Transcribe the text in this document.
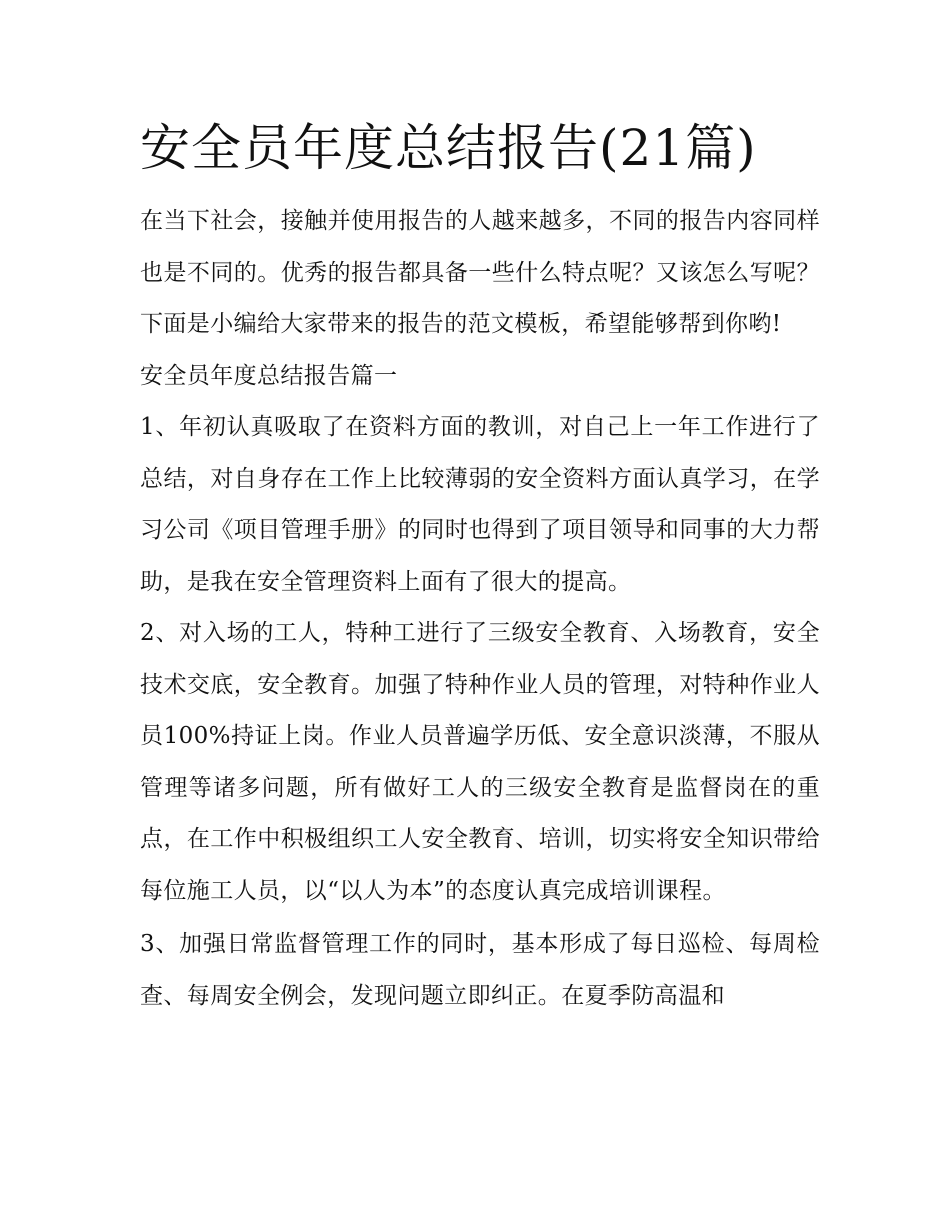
安全员年度总结报告(21篇)

在当下社会，接触并使用报告的人越来越多，不同的报告内容同样也是不同的。优秀的报告都具备一些什么特点呢？又该怎么写呢？下面是小编给大家带来的报告的范文模板，希望能够帮到你哟!

安全员年度总结报告篇一

1、年初认真吸取了在资料方面的教训，对自己上一年工作进行了总结，对自身存在工作上比较薄弱的安全资料方面认真学习，在学习公司《项目管理手册》的同时也得到了项目领导和同事的大力帮助，是我在安全管理资料上面有了很大的提高。

2、对入场的工人，特种工进行了三级安全教育、入场教育，安全技术交底，安全教育。加强了特种作业人员的管理，对特种作业人员100%持证上岗。作业人员普遍学历低、安全意识淡薄，不服从管理等诸多问题，所有做好工人的三级安全教育是监督岗在的重点，在工作中积极组织工人安全教育、培训，切实将安全知识带给每位施工人员，以“以人为本”的态度认真完成培训课程。

3、加强日常监督管理工作的同时，基本形成了每日巡检、每周检查、每周安全例会，发现问题立即纠正。在夏季防高温和
